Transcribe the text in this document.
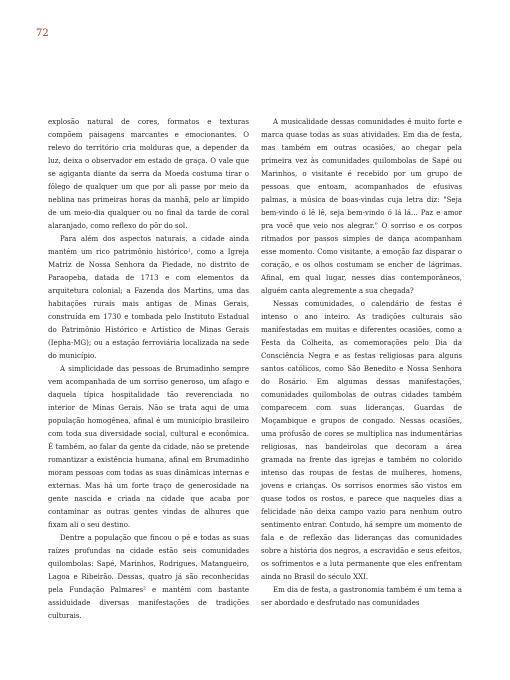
72

explosão natural de cores, formatos e texturas compõem paisagens marcantes e emocionantes. O relevo do território cria molduras que, a depender da luz, deixa o observador em estado de graça. O vale que se agiganta diante da serra da Moeda costuma tirar o fôlego de qualquer um que por ali passe por meio da neblina nas primeiras horas da manhã, pelo ar límpido de um meio-dia qualquer ou no final da tarde de coral alaranjado, como reflexo do pôr do sol.

Para além dos aspectos naturais, a cidade ainda mantém um rico patrimônio histórico¹, como a Igreja Matriz de Nossa Senhora da Piedade, no distrito de Paraopeba, datada de 1713 e com elementos da arquitetura colonial; a Fazenda dos Martins, uma das habitações rurais mais antigas de Minas Gerais, construída em 1730 e tombada pelo Instituto Estadual do Patrimônio Histórico e Artístico de Minas Gerais (Iepha-MG); ou a estação ferroviária localizada na sede do município.

A simplicidade das pessoas de Brumadinho sempre vem acompanhada de um sorriso generoso, um afago e daquela típica hospitalidade tão reverenciada no interior de Minas Gerais. Não se trata aqui de uma população homogênea, afinal é um município brasileiro com toda sua diversidade social, cultural e econômica. É também, ao falar da gente da cidade, não se pretende romantizar a existência humana, afinal em Brumadinho moram pessoas com todas as suas dinâmicas internas e externas. Mas há um forte traço de generosidade na gente nascida e criada na cidade que acaba por contaminar as outras gentes vindas de alhures que fixam ali o seu destino.

Dentre a população que fincou o pé e todas as suas raízes profundas na cidade estão seis comunidades quilombolas: Sapé, Marinhos, Rodrigues, Matangueiro, Lagoa e Ribeirão. Dessas, quatro já são reconhecidas pela Fundação Palmares² e mantêm com bastante assiduidade diversas manifestações de tradições culturais.

A musicalidade dessas comunidades é muito forte e marca quase todas as suas atividades. Em dia de festa, mas também em outras ocasiões, ao chegar pela primeira vez às comunidades quilombolas de Sapé ou Marinhos, o visitante é recebido por um grupo de pessoas que entoam, acompanhados de efusivas palmas, a música de boas-vindas cuja letra diz: "Seja bem-vindo ó lê lê, seja bem-vindo ó lá lá... Paz e amor pra você que veio nos alegrar." O sorriso e os corpos ritmados por passos simples de dança acompanham esse momento. Como visitante, a emoção faz disparar o coração, e os olhos costumam se encher de lágrimas. Afinal, em qual lugar, nesses dias contemporâneos, alguém canta alegremente a sua chegada?

Nessas comunidades, o calendário de festas é intenso o ano inteiro. As tradições culturais são manifestadas em muitas e diferentes ocasiões, como a Festa da Colheita, as comemorações pelo Dia da Consciência Negra e as festas religiosas para alguns santos católicos, como São Benedito e Nossa Senhora do Rosário. Em algumas dessas manifestações, comunidades quilombolas de outras cidades também comparecem com suas lideranças, Guardas de Moçambique e grupos de congado. Nessas ocasiões, uma profusão de cores se multiplica nas indumentárias religiosas, nas bandeirolas que decoram a área gramada na frente das igrejas e também no colorido intenso das roupas de festas de mulheres, homens, jovens e crianças. Os sorrisos enormes são vistos em quase todos os rostos, e parece que naqueles dias a felicidade não deixa campo vazio para nenhum outro sentimento entrar. Contudo, há sempre um momento de fala e de reflexão das lideranças das comunidades sobre a história dos negros, a escravidão e seus efeitos, os sofrimentos e a luta permanente que eles enfrentam ainda no Brasil do século XXI.

Em dia de festa, a gastronomia também é um tema a ser abordado e desfrutado nas comunidades
